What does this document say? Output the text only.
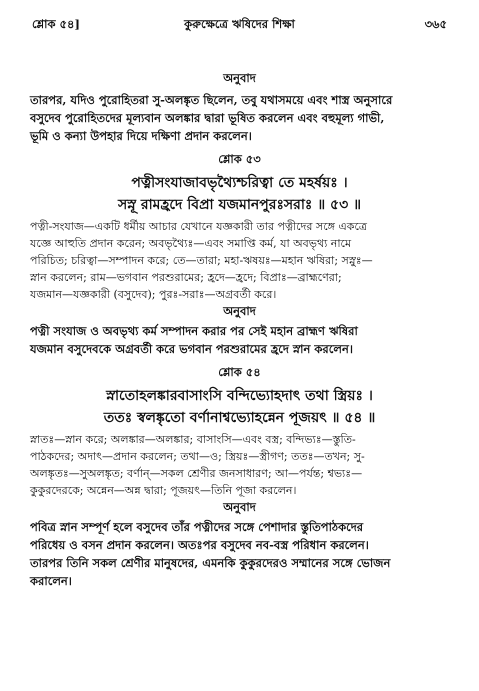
শ্লোক ৫৪]	কুরুক্ষেত্রে ঋষিদের শিক্ষা	৩৬৫

অনুবাদ

তারপর, যদিও পুরোহিতরা সু-অলঙ্কৃত ছিলেন, তবু যথাসময়ে এবং শাস্ত্র অনুসারে

বসুদেব পুরোহিতদের মূল্যবান অলঙ্কার দ্বারা ভূষিত করলেন এবং বহুমূল্য গাভী,

ভূমি ও কন্যা উপহার দিয়ে দক্ষিণা প্রদান করলেন।

শ্লোক ৫৩

পত্নীসংযাজাবভৃথ্যৈশ্চরিত্বা তে মহর্ষয়ঃ ।

সস্নূ রামহ্রদে বিপ্রা যজমানপুরঃসরাঃ ॥ ৫৩ ॥

পত্নী-সংযাজ—একটি ধর্মীয় আচার যেখানে যজ্ঞকারী তার পত্নীদের সঙ্গে একত্রে

যজ্ঞে আহুতি প্রদান করেন; অবভৃথ্যৈঃ—এবং সমাপ্তি কর্ম, যা অবভৃথ্য নামে

পরিচিত; চরিত্বা—সম্পাদন করে; তে—তারা; মহা-ঋষয়ঃ—মহান ঋষিরা; সস্নুঃ—

স্নান করলেন; রাম—ভগবান পরশুরামের; হ্রদে—হ্রদে; বিপ্রাঃ—ব্রাহ্মণেরা;

যজমান—যজ্ঞকারী (বসুদেব); পুরঃ-সরাঃ—অগ্রবর্তী করে।

অনুবাদ

পত্নী সংযাজ ও অবভৃথ্য কর্ম সম্পাদন করার পর সেই মহান ব্রাহ্মণ ঋষিরা

যজমান বসুদেবকে অগ্রবর্তী করে ভগবান পরশুরামের হ্রদে স্নান করলেন।

শ্লোক ৫৪

স্নাতোহলঙ্কারবাসাংসি বন্দিভ্যোহদাৎ তথা স্ত্রিয়ঃ ।

ততঃ স্বলঙ্কৃতো বর্ণানাশ্বভ্যোহন্নেন পূজয়ৎ ॥ ৫৪ ॥

স্নাতঃ—স্নান করে; অলঙ্কার—অলঙ্কার; বাসাংসি—এবং বস্ত্র; বন্দিভ্যঃ—স্তুতি-

পাঠকদের; অদাৎ—প্রদান করলেন; তথা—ও; স্ত্রিয়ঃ—স্ত্রীগণ; ততঃ—তখন; সু-

অলঙ্কৃতঃ—সুঅলঙ্কৃত; বর্ণান্—সকল শ্রেণীর জনসাধারণ; আ—পর্যন্ত; শ্বভ্যঃ—

কুকুরদেরকে; অন্নেন—অন্ন দ্বারা; পূজয়ৎ—তিনি পূজা করলেন।

অনুবাদ

পবিত্র স্নান সম্পূর্ণ হলে বসুদেব তাঁর পত্নীদের সঙ্গে পেশাদার স্তুতিপাঠকদের

পরিধেয় ও বসন প্রদান করলেন। অতঃপর বসুদেব নব-বস্ত্র পরিধান করলেন।

তারপর তিনি সকল শ্রেণীর মানুষদের, এমনকি কুকুরদেরও সম্মানের সঙ্গে ভোজন

করালেন।
